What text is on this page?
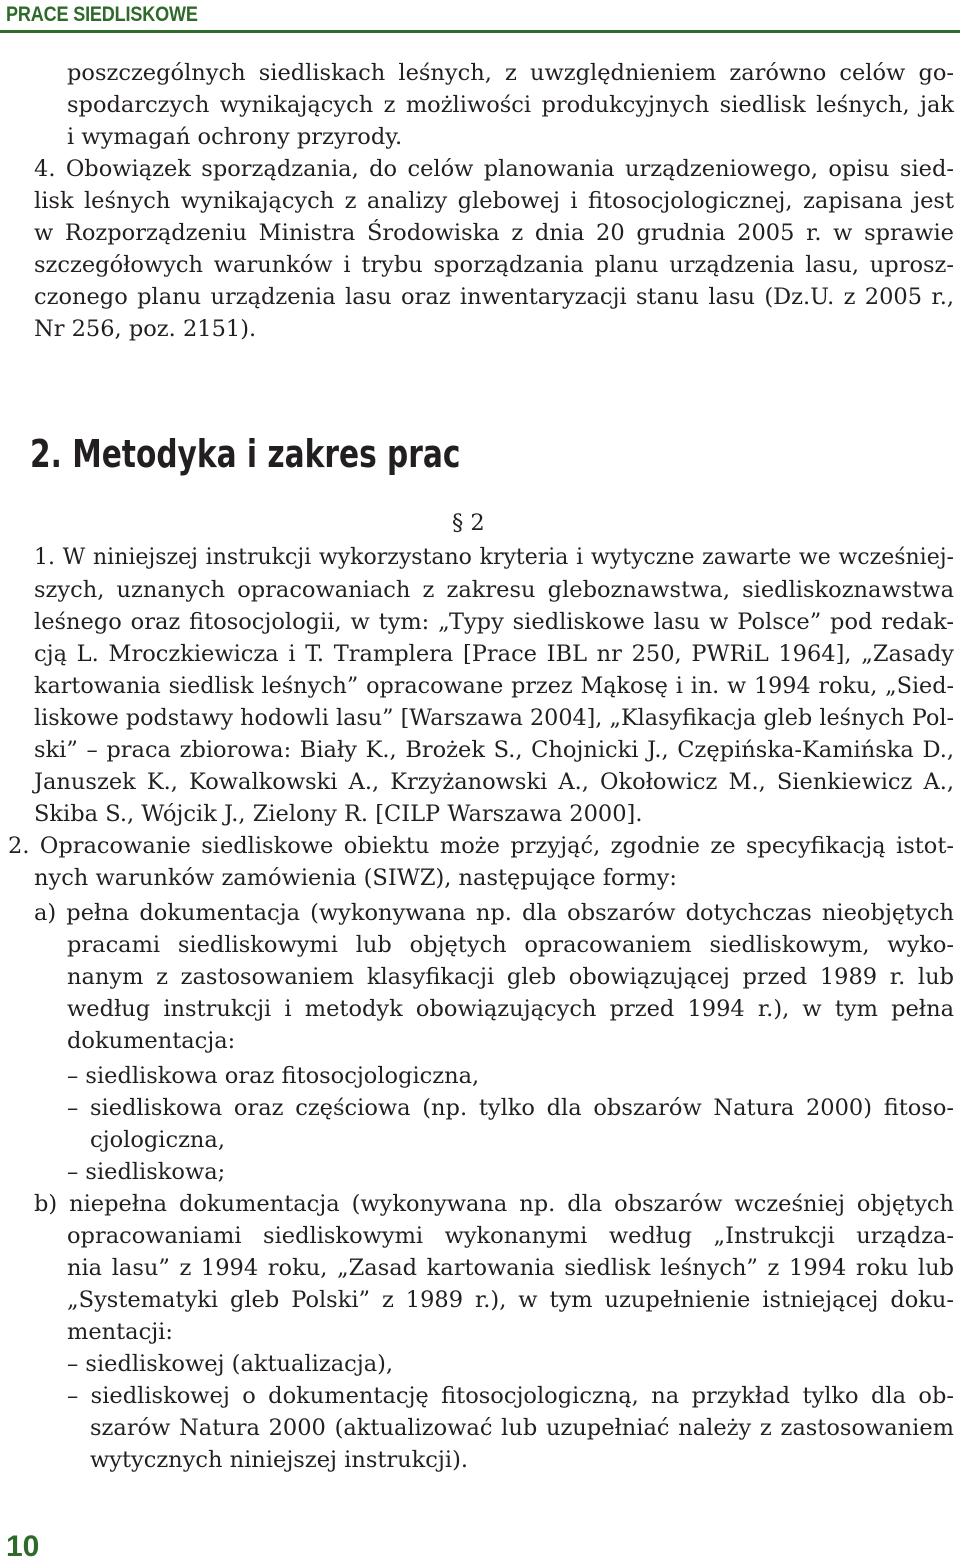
PRACE SIEDLISKOWE
poszczególnych siedliskach leśnych, z uwzględnieniem zarówno celów go-
spodarczych wynikających z możliwości produkcyjnych siedlisk leśnych, jak
i wymagań ochrony przyrody.
4. Obowiązek sporządzania, do celów planowania urządzeniowego, opisu sied-
lisk leśnych wynikających z analizy glebowej i fitosocjologicznej, zapisana jest
w Rozporządzeniu Ministra Środowiska z dnia 20 grudnia 2005 r. w sprawie
szczegółowych warunków i trybu sporządzania planu urządzenia lasu, uprosz-
czonego planu urządzenia lasu oraz inwentaryzacji stanu lasu (Dz.U. z 2005 r.,
Nr 256, poz. 2151).
2. Metodyka i zakres prac
§ 2
1. W niniejszej instrukcji wykorzystano kryteria i wytyczne zawarte we wcześniej-
szych, uznanych opracowaniach z zakresu gleboznawstwa, siedliskoznawstwa
leśnego oraz fitosocjologii, w tym: „Typy siedliskowe lasu w Polsce” pod redak-
cją L. Mroczkiewicza i T. Tramplera [Prace IBL nr 250, PWRiL 1964], „Zasady
kartowania siedlisk leśnych” opracowane przez Mąkosę i in. w 1994 roku, „Sied-
liskowe podstawy hodowli lasu” [Warszawa 2004], „Klasyfikacja gleb leśnych Pol-
ski” – praca zbiorowa: Biały K., Brożek S., Chojnicki J., Czępińska-Kamińska D.,
Januszek K., Kowalkowski A., Krzyżanowski A., Okołowicz M., Sienkiewicz A.,
Skiba S., Wójcik J., Zielony R. [CILP Warszawa 2000].
2. Opracowanie siedliskowe obiektu może przyjąć, zgodnie ze specyfikacją istot-
nych warunków zamówienia (SIWZ), następujące formy:
a) pełna dokumentacja (wykonywana np. dla obszarów dotychczas nieobjętych
pracami siedliskowymi lub objętych opracowaniem siedliskowym, wyko-
nanym z zastosowaniem klasyfikacji gleb obowiązującej przed 1989 r. lub
według instrukcji i metodyk obowiązujących przed 1994 r.), w tym pełna
dokumentacja:
– siedliskowa oraz fitosocjologiczna,
– siedliskowa oraz częściowa (np. tylko dla obszarów Natura 2000) fitoso-
cjologiczna,
– siedliskowa;
b) niepełna dokumentacja (wykonywana np. dla obszarów wcześniej objętych
opracowaniami siedliskowymi wykonanymi według „Instrukcji urządza-
nia lasu” z 1994 roku, „Zasad kartowania siedlisk leśnych” z 1994 roku lub
„Systematyki gleb Polski” z 1989 r.), w tym uzupełnienie istniejącej doku-
mentacji:
– siedliskowej (aktualizacja),
– siedliskowej o dokumentację fitosocjologiczną, na przykład tylko dla ob-
szarów Natura 2000 (aktualizować lub uzupełniać należy z zastosowaniem
wytycznych niniejszej instrukcji).
10
